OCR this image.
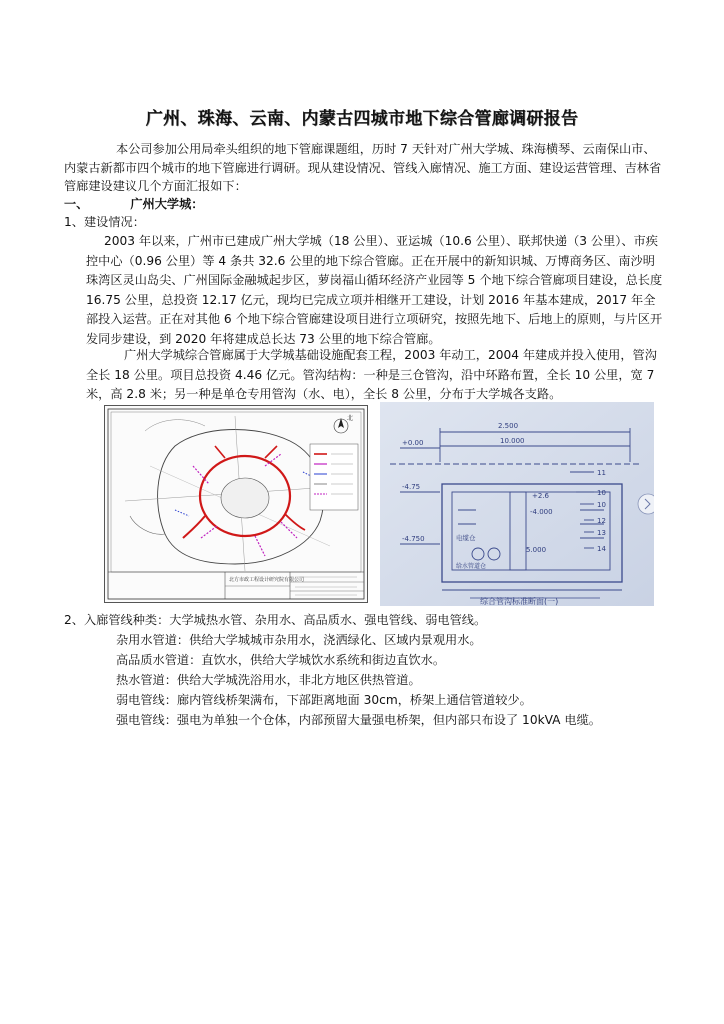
广州、珠海、云南、内蒙古四城市地下综合管廊调研报告
本公司参加公用局牵头组织的地下管廊课题组，历时 7 天针对广州大学城、珠海横琴、云南保山市、内蒙古新都市四个城市的地下管廊进行调研。现从建设情况、管线入廊情况、施工方面、建设运营管理、吉林省管廊建设建议几个方面汇报如下：
一、	广州大学城：
1、建设情况：
2003 年以来，广州市已建成广州大学城（18 公里）、亚运城（10.6 公里）、联邦快递（3 公里）、市疾控中心（0.96 公里）等 4 条共 32.6 公里的地下综合管廊。正在开展中的新知识城、万博商务区、南沙明珠湾区灵山岛尖、广州国际金融城起步区，萝岗福山循环经济产业园等 5 个地下综合管廊项目建设，总长度 16.75 公里，总投资 12.17 亿元，现均已完成立项并相继开工建设，计划 2016 年基本建成，2017 年全部投入运营。正在对其他 6 个地下综合管廊建设项目进行立项研究，按照先地下、后地上的原则，与片区开发同步建设，到 2020 年将建成总长达 73 公里的地下综合管廊。
广州大学城综合管廊属于大学城基础设施配套工程，2003 年动工，2004 年建成并投入使用，管沟全长 18 公里。项目总投资 4.46 亿元。管沟结构：一种是三仓管沟，沿中环路布置，全长 10 公里，宽 7 米，高 2.8 米；另一种是单仓专用管沟（水、电），全长 8 公里，分布于大学城各支路。
北
北方市政工程设计研究院有限公司
2.500
10.000
+0.00
-4.75
-4.750
+2.6
-4.000
5.000
电缆仓
给水管道仓
11
10
10
12
13
14
综合管沟标准断面(一)
2、入廊管线种类：大学城热水管、杂用水、高品质水、强电管线、弱电管线。
杂用水管道：供给大学城城市杂用水，浇洒绿化、区域内景观用水。
高品质水管道：直饮水，供给大学城饮水系统和街边直饮水。
热水管道：供给大学城洗浴用水，非北方地区供热管道。
弱电管线：廊内管线桥架满布，下部距离地面 30cm，桥架上通信管道较少。
强电管线：强电为单独一个仓体，内部预留大量强电桥架，但内部只布设了 10kVA 电缆。
